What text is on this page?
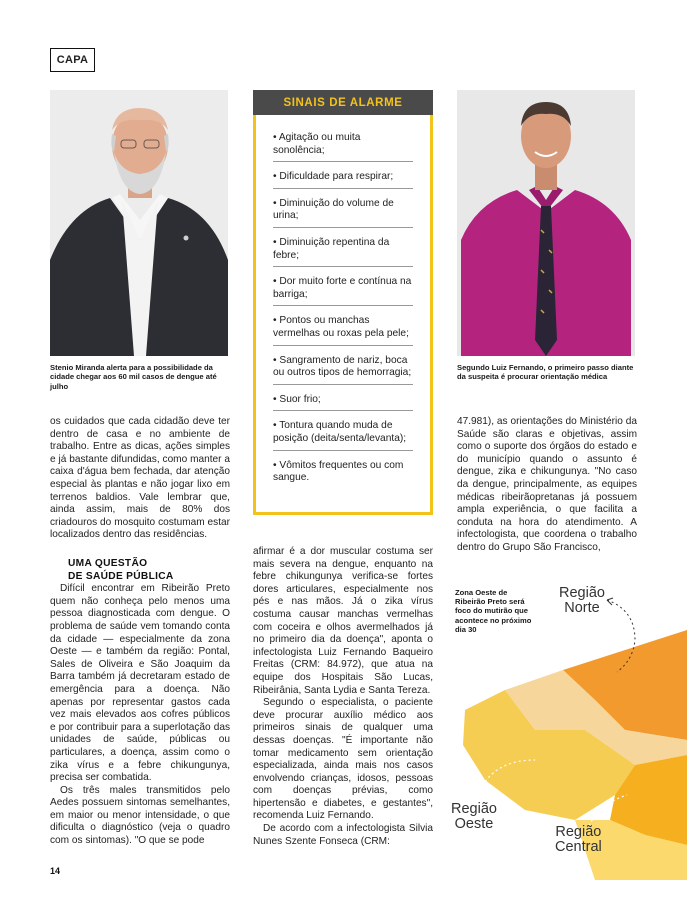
CAPA
Stenio Miranda alerta para a possibilidade da cidade chegar aos 60 mil casos de dengue até julho
Segundo Luiz Fernando, o primeiro passo diante da suspeita é procurar orientação médica
SINAIS DE ALARME
• Agitação ou muita sonolência;
• Dificuldade para respirar;
• Diminuição do volume de urina;
• Diminuição repentina da febre;
• Dor muito forte e contínua na barriga;
• Pontos ou manchas vermelhas ou roxas pela pele;
• Sangramento de nariz, boca ou outros tipos de hemorragia;
• Suor frio;
• Tontura quando muda de posição (deita/senta/levanta);
• Vômitos frequentes ou com sangue.

os cuidados que cada cidadão deve ter dentro de casa e no ambiente de trabalho. Entre as dicas, ações simples e já bastante difundidas, como manter a caixa d'água bem fechada, dar atenção especial às plantas e não jogar lixo em terrenos baldios. Vale lembrar que, ainda assim, mais de 80% dos criadouros do mosquito costumam estar localizados dentro das residências.

UMA QUESTÃO
DE SAÚDE PÚBLICA

Difícil encontrar em Ribeirão Preto quem não conheça pelo menos uma pessoa diagnosticada com dengue. O problema de saúde vem tomando conta da cidade — especialmente da zona Oeste — e também da região: Pontal, Sales de Oliveira e São Joaquim da Barra também já decretaram estado de emergência para a doença. Não apenas por representar gastos cada vez mais elevados aos cofres públicos e por contribuir para a superlotação das unidades de saúde, públicas ou particulares, a doença, assim como o zika vírus e a febre chikungunya, precisa ser combatida.

Os três males transmitidos pelo Aedes possuem sintomas semelhantes, em maior ou menor intensidade, o que dificulta o diagnóstico (veja o quadro com os sintomas). "O que se pode

afirmar é a dor muscular costuma ser mais severa na dengue, enquanto na febre chikungunya verifica-se fortes dores articulares, especialmente nos pés e nas mãos. Já o zika vírus costuma causar manchas vermelhas com coceira e olhos avermelhados já no primeiro dia da doença", aponta o infectologista Luiz Fernando Baqueiro Freitas (CRM: 84.972), que atua na equipe dos Hospitais São Lucas, Ribeirânia, Santa Lydia e Santa Tereza.

Segundo o especialista, o paciente deve procurar auxílio médico aos primeiros sinais de qualquer uma dessas doenças. "É importante não tomar medicamento sem orientação especializada, ainda mais nos casos envolvendo crianças, idosos, pessoas com doenças prévias, como hipertensão e diabetes, e gestantes", recomenda Luiz Fernando.

De acordo com a infectologista Silvia Nunes Szente Fonseca (CRM:

47.981), as orientações do Ministério da Saúde são claras e objetivas, assim como o suporte dos órgãos do estado e do município quando o assunto é dengue, zika e chikungunya. "No caso da dengue, principalmente, as equipes médicas ribeirãopretanas já possuem ampla experiência, o que facilita a conduta na hora do atendimento. A infectologista, que coordena o trabalho dentro do Grupo São Francisco,

Região
Norte
Região
Oeste	Região
Central
Zona Oeste de Ribeirão Preto será foco do mutirão que acontece no próximo dia 30
14
